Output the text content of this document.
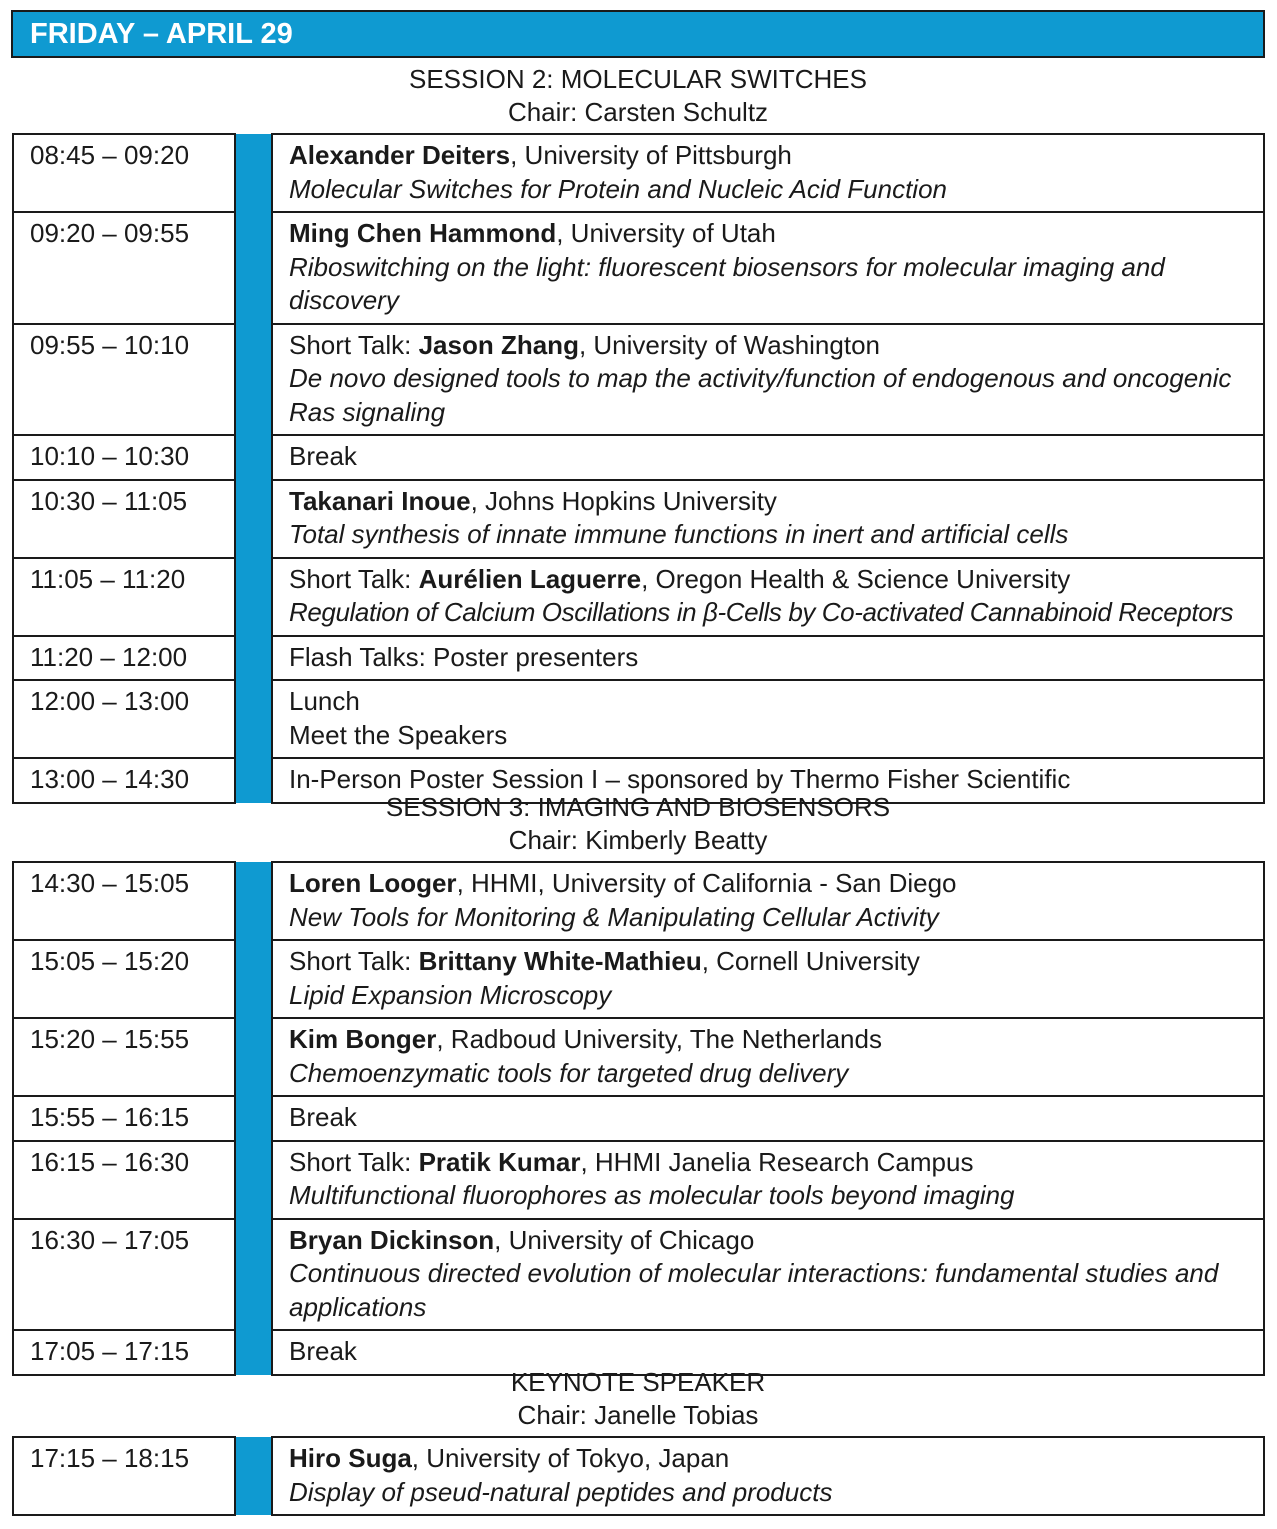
FRIDAY – APRIL 29
SESSION 2: MOLECULAR SWITCHES
Chair: Carsten Schultz
08:45 – 09:20		Alexander Deiters, University of Pittsburgh
Molecular Switches for Protein and Nucleic Acid Function

09:20 – 09:55		Ming Chen Hammond, University of Utah
Riboswitching on the light: fluorescent biosensors for molecular imaging and discovery

09:55 – 10:10		Short Talk: Jason Zhang, University of Washington
De novo designed tools to map the activity/function of endogenous and oncogenic Ras signaling

10:10 – 10:30		Break
10:30 – 11:05		Takanari Inoue, Johns Hopkins University
Total synthesis of innate immune functions in inert and artificial cells

11:05 – 11:20		Short Talk: Aurélien Laguerre, Oregon Health & Science University
Regulation of Calcium Oscillations in β-Cells by Co-activated Cannabinoid Receptors

11:20 – 12:00		Flash Talks: Poster presenters
12:00 – 13:00		Lunch
Meet the Speakers

13:00 – 14:30		In-Person Poster Session I – sponsored by Thermo Fisher Scientific
SESSION 3: IMAGING AND BIOSENSORS
Chair: Kimberly Beatty
14:30 – 15:05		Loren Looger, HHMI, University of California - San Diego
New Tools for Monitoring & Manipulating Cellular Activity

15:05 – 15:20		Short Talk: Brittany White-Mathieu, Cornell University
Lipid Expansion Microscopy

15:20 – 15:55		Kim Bonger, Radboud University, The Netherlands
Chemoenzymatic tools for targeted drug delivery

15:55 – 16:15		Break
16:15 – 16:30		Short Talk: Pratik Kumar, HHMI Janelia Research Campus
Multifunctional fluorophores as molecular tools beyond imaging

16:30 – 17:05		Bryan Dickinson, University of Chicago
Continuous directed evolution of molecular interactions: fundamental studies and applications

17:05 – 17:15		Break
KEYNOTE SPEAKER
Chair: Janelle Tobias
17:15 – 18:15		Hiro Suga, University of Tokyo, Japan
Display of pseud-natural peptides and products
